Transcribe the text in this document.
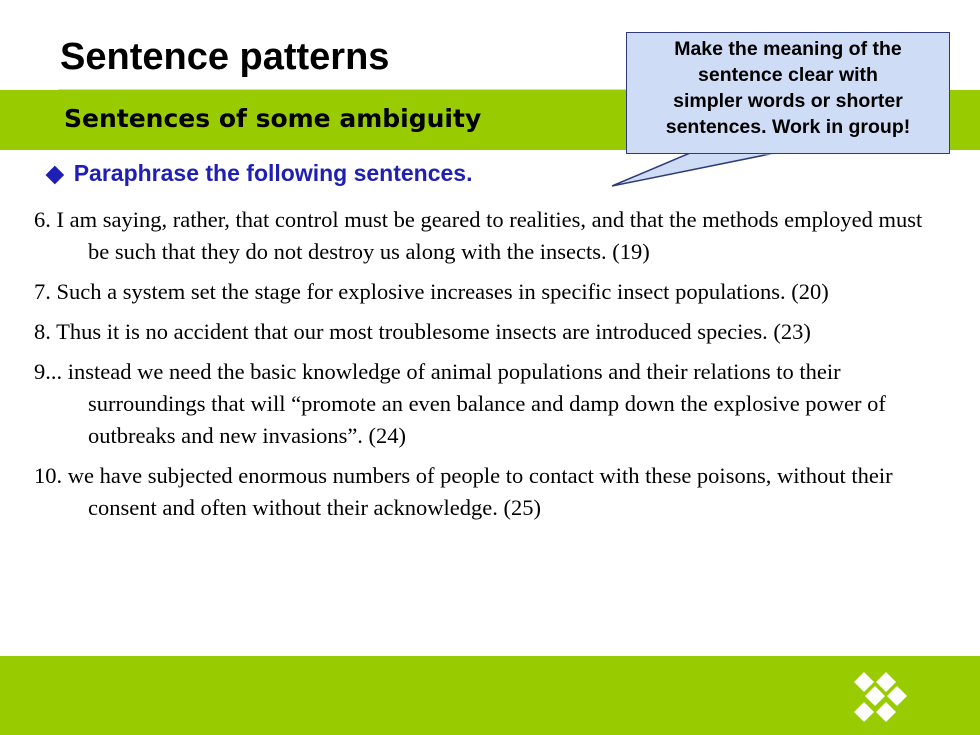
Sentence patterns
Sentences of some ambiguity
Make the meaning of the
sentence clear with
simpler words or shorter
sentences. Work in group!
◆ Paraphrase the following sentences.
6. I am saying, rather, that control must be geared to realities, and that the methods employed must be such that they do not destroy us along with the insects. (19)
7. Such a system set the stage for explosive increases in specific insect populations. (20)
8. Thus it is no accident that our most troublesome insects are introduced species. (23)
9... instead we need the basic knowledge of animal populations and their relations to their surroundings that will “promote an even balance and damp down the explosive power of outbreaks and new invasions”. (24)
10. we have subjected enormous numbers of people to contact with these poisons, without their consent and often without their acknowledge. (25)
